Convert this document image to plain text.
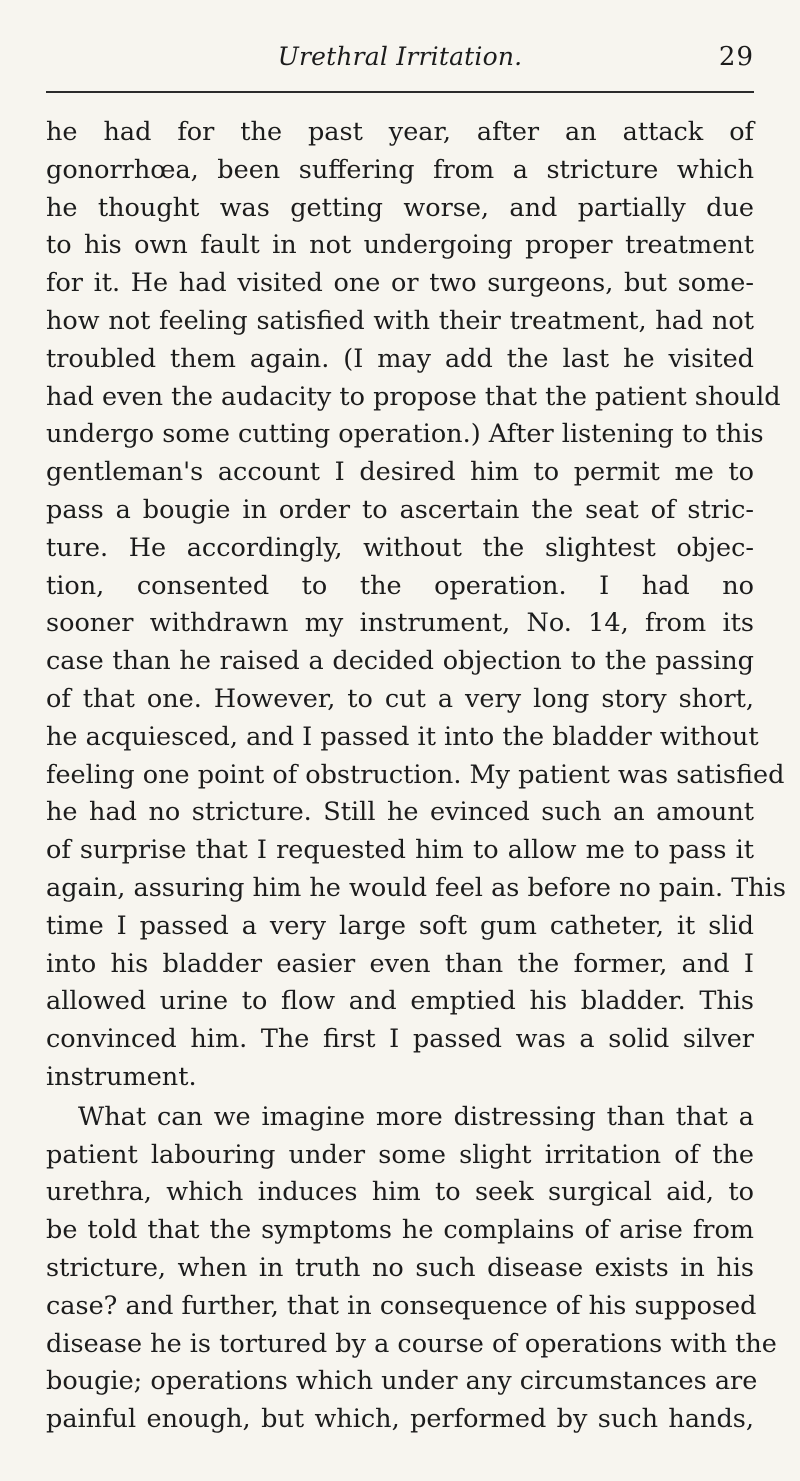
Urethral Irritation.	29
he had for the past year, after an attack of
gonorrhœa, been suffering from a stricture which
he thought was getting worse, and partially due
to his own fault in not undergoing proper treatment
for it. He had visited one or two surgeons, but some-
how not feeling satisfied with their treatment, had not
troubled them again. (I may add the last he visited
had even the audacity to propose that the patient should
undergo some cutting operation.) After listening to this
gentleman's account I desired him to permit me to
pass a bougie in order to ascertain the seat of stric-
ture. He accordingly, without the slightest objec-
tion, consented to the operation. I had no
sooner withdrawn my instrument, No. 14, from its
case than he raised a decided objection to the passing
of that one. However, to cut a very long story short,
he acquiesced, and I passed it into the bladder without
feeling one point of obstruction. My patient was satisfied
he had no stricture. Still he evinced such an amount
of surprise that I requested him to allow me to pass it
again, assuring him he would feel as before no pain. This
time I passed a very large soft gum catheter, it slid
into his bladder easier even than the former, and I
allowed urine to flow and emptied his bladder. This
convinced him. The first I passed was a solid silver
instrument.
What can we imagine more distressing than that a
patient labouring under some slight irritation of the
urethra, which induces him to seek surgical aid, to
be told that the symptoms he complains of arise from
stricture, when in truth no such disease exists in his
case? and further, that in consequence of his supposed
disease he is tortured by a course of operations with the
bougie; operations which under any circumstances are
painful enough, but which, performed by such hands,
